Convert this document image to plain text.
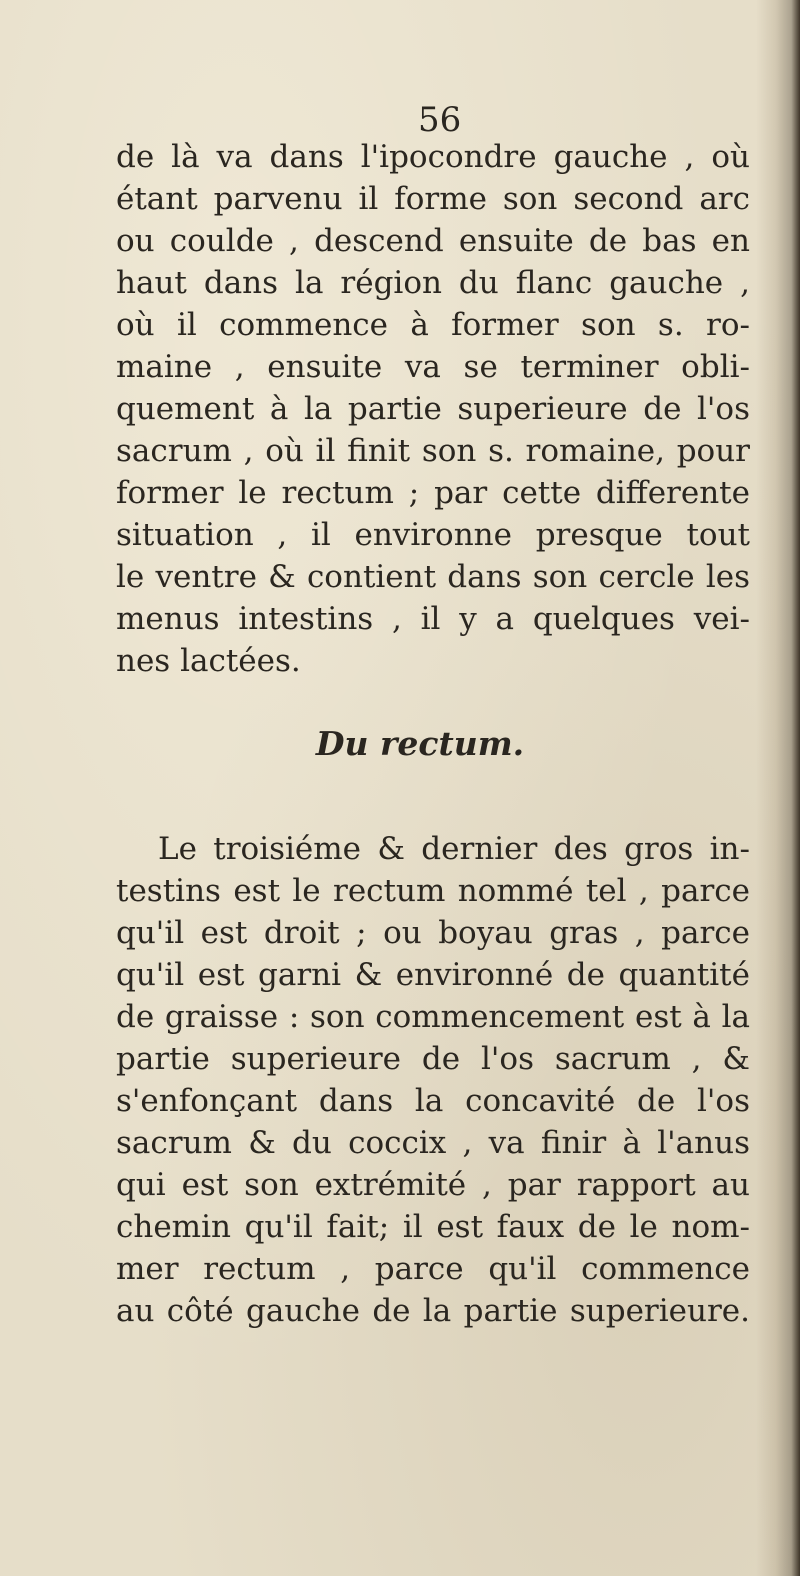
56
de là va dans l'ipocondre gauche , où
étant parvenu il forme son second arc
ou coulde , descend ensuite de bas en
haut dans la région du flanc gauche ,
où il commence à former son s. ro-
maine , ensuite va se terminer obli-
quement à la partie superieure de l'os
sacrum , où il finit son s. romaine, pour
former le rectum ; par cette differente
situation , il environne presque tout
le ventre & contient dans son cercle les
menus intestins , il y a quelques vei-
nes lactées.
Du rectum.
Le troisiéme & dernier des gros in-
testins est le rectum nommé tel , parce
qu'il est droit ; ou boyau gras , parce
qu'il est garni & environné de quantité
de graisse : son commencement est à la
partie superieure de l'os sacrum , &
s'enfonçant dans la concavité de l'os
sacrum & du coccix , va finir à l'anus
qui est son extrémité , par rapport au
chemin qu'il fait; il est faux de le nom-
mer rectum , parce qu'il commence
au côté gauche de la partie superieure.
